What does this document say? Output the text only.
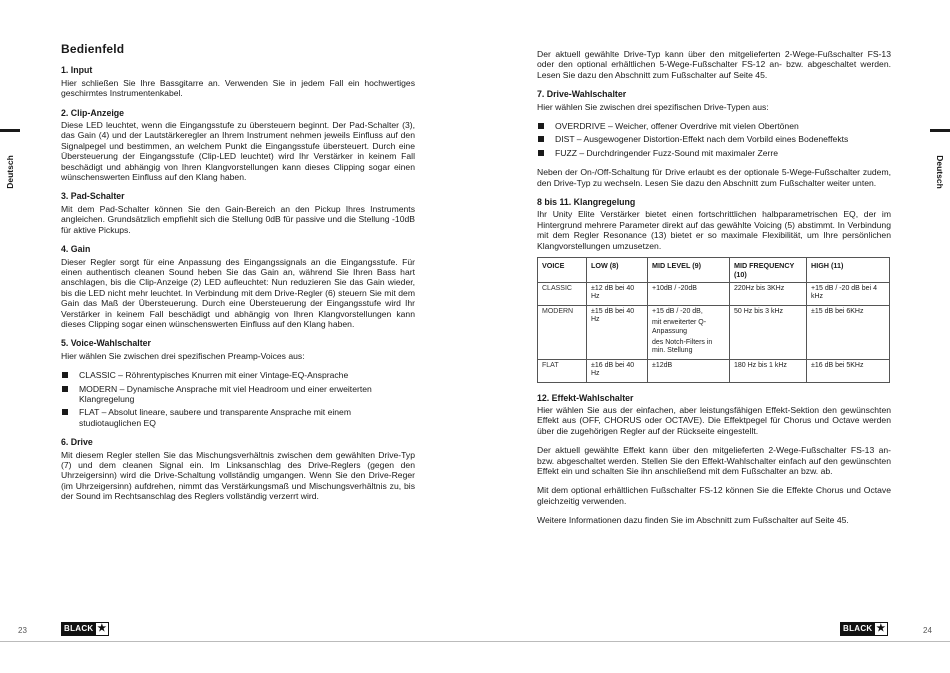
Deutsch
Bedienfeld
1. Input

Hier schließen Sie Ihre Bassgitarre an. Verwenden Sie in jedem Fall ein hochwertiges geschirmtes Instrumentenkabel.

2. Clip-Anzeige

Diese LED leuchtet, wenn die Eingangsstufe zu übersteuern beginnt. Der Pad-Schalter (3), das Gain (4) und der Lautstärkeregler an Ihrem Instrument nehmen jeweils Einfluss auf den Signalpegel und bestimmen, an welchem Punkt die Eingangsstufe übersteuert. Durch eine Übersteuerung der Eingangsstufe (Clip-LED leuchtet) wird Ihr Verstärker in keinem Fall beschädigt und abhängig von Ihren Klangvorstellungen kann dieses Clipping sogar einen wünschenswerten Einfluss auf den Klang haben.

3. Pad-Schalter

Mit dem Pad-Schalter können Sie den Gain-Bereich an den Pickup Ihres Instruments angleichen. Grundsätzlich empfiehlt sich die Stellung 0dB für passive und die Stellung -10dB für aktive Pickups.

4. Gain

Dieser Regler sorgt für eine Anpassung des Eingangssignals an die Eingangsstufe. Für einen authentisch cleanen Sound heben Sie das Gain an, während Sie Ihren Bass hart anschlagen, bis die Clip-Anzeige (2) LED aufleuchtet: Nun reduzieren Sie das Gain wieder, bis die LED nicht mehr leuchtet. In Verbindung mit dem Drive-Regler (6) steuern Sie mit dem Gain das Maß der Übersteuerung. Durch eine Übersteuerung der Eingangsstufe wird Ihr Verstärker in keinem Fall beschädigt und abhängig von Ihren Klangvorstellungen kann dieses Clipping sogar einen wünschenswerten Einfluss auf den Klang haben.

5. Voice-Wahlschalter

Hier wählen Sie zwischen drei spezifischen Preamp-Voices aus:

CLASSIC – Röhrentypisches Knurren mit einer Vintage-EQ-Ansprache
MODERN – Dynamische Ansprache mit viel Headroom und einer erweiterten Klangregelung
FLAT – Absolut lineare, saubere und transparente Ansprache mit einem studiotauglichen EQ
6. Drive

Mit diesem Regler stellen Sie das Mischungsverhältnis zwischen dem gewählten Drive-Typ (7) und dem cleanen Signal ein. Im Linksanschlag des Drive-Reglers (gegen den Uhrzeigersinn) wird die Drive-Schaltung vollständig umgangen. Wenn Sie den Drive-Reger (im Uhrzeigersinn) aufdrehen, nimmt das Verstärkungsmaß und Mischungsverhältnis zu, bis der Sound im Rechtsanschlag des Reglers vollständig verzerrt wird.

23	BLACK ★
Deutsch

Der aktuell gewählte Drive-Typ kann über den mitgelieferten 2-Wege-Fußschalter FS-13 oder den optional erhältlichen 5-Wege-Fußschalter FS-12 an- bzw. abgeschaltet werden. Lesen Sie dazu den Abschnitt zum Fußschalter auf Seite 45.

7. Drive-Wahlschalter

Hier wählen Sie zwischen drei spezifischen Drive-Typen aus:

OVERDRIVE – Weicher, offener Overdrive mit vielen Obertönen
DIST – Ausgewogener Distortion-Effekt nach dem Vorbild eines Bodeneffekts
FUZZ – Durchdringender Fuzz-Sound mit maximaler Zerre

Neben der On-/Off-Schaltung für Drive erlaubt es der optionale 5-Wege-Fußschalter zudem, den Drive-Typ zu wechseln. Lesen Sie dazu den Abschnitt zum Fußschalter weiter unten.

8 bis 11. Klangregelung

Ihr Unity Elite Verstärker bietet einen fortschrittlichen halbparametrischen EQ, der im Hintergrund mehrere Parameter direkt auf das gewählte Voicing (5) abstimmt. In Verbindung mit dem Regler Resonance (13) bietet er so maximale Flexibilität, um Ihre persönlichen Klangvorstellungen umzusetzen.

VOICE	LOW (8)	MID LEVEL (9)	MID FREQUENCY (10)	HIGH (11)
CLASSIC	±12 dB bei 40 Hz	+10dB / -20dB	220Hz bis 3KHz	+15 dB / -20 dB bei 4 kHz
MODERN	±15 dB bei 40 Hz	+15 dB / -20 dB,
mit erweiterter Q-Anpassung
des Notch-Filters in min. Stellung	50 Hz bis 3 kHz	±15 dB bei 6KHz
FLAT	±16 dB bei 40 Hz	±12dB	180 Hz bis 1 kHz	±16 dB bei 5KHz
12. Effekt-Wahlschalter

Hier wählen Sie aus der einfachen, aber leistungsfähigen Effekt-Sektion den gewünschten Effekt aus (OFF, CHORUS oder OCTAVE). Die Effektpegel für Chorus und Octave werden über die zugehörigen Regler auf der Rückseite eingestellt.

Der aktuell gewählte Effekt kann über den mitgelieferten 2-Wege-Fußschalter FS-13 an- bzw. abgeschaltet werden. Stellen Sie den Effekt-Wahlschalter einfach auf den gewünschten Effekt ein und schalten Sie ihn anschließend mit dem Fußschalter an bzw. ab.

Mit dem optional erhältlichen Fußschalter FS-12 können Sie die Effekte Chorus und Octave gleichzeitig verwenden.

Weitere Informationen dazu finden Sie im Abschnitt zum Fußschalter auf Seite 45.

BLACK ★	24
